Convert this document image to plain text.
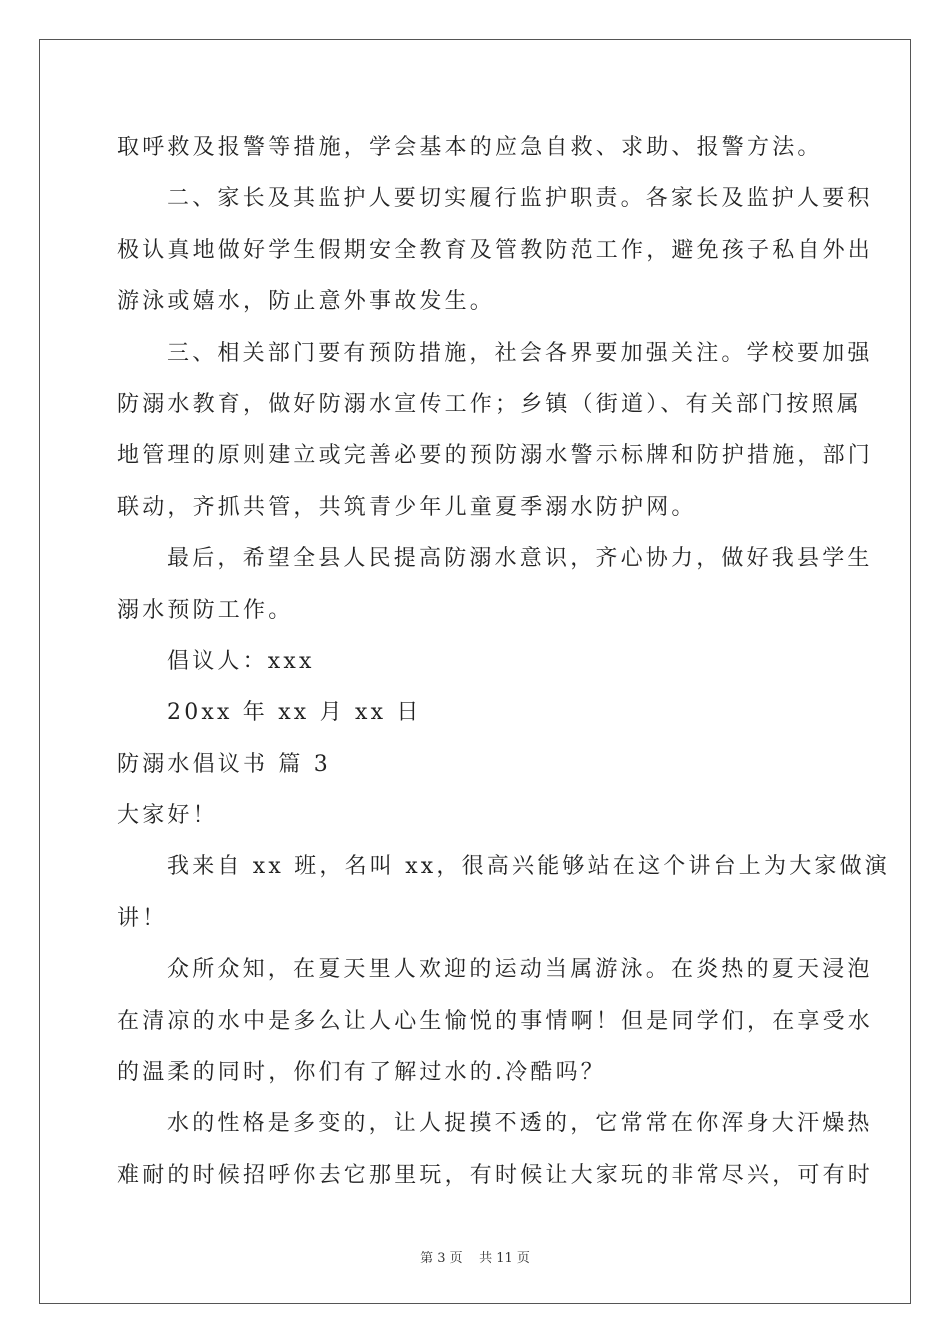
取呼救及报警等措施，学会基本的应急自救、求助、报警方法。
二、家长及其监护人要切实履行监护职责。各家长及监护人要积
极认真地做好学生假期安全教育及管教防范工作，避免孩子私自外出
游泳或嬉水，防止意外事故发生。
三、相关部门要有预防措施，社会各界要加强关注。学校要加强
防溺水教育，做好防溺水宣传工作；乡镇（街道）、有关部门按照属
地管理的原则建立或完善必要的预防溺水警示标牌和防护措施，部门
联动，齐抓共管，共筑青少年儿童夏季溺水防护网。
最后，希望全县人民提高防溺水意识，齐心协力，做好我县学生
溺水预防工作。
倡议人：xxx
20xx 年 xx 月 xx 日
防溺水倡议书 篇 3
大家好！
我来自 xx 班，名叫 xx，很高兴能够站在这个讲台上为大家做演
讲！
众所众知，在夏天里人欢迎的运动当属游泳。在炎热的夏天浸泡
在清凉的水中是多么让人心生愉悦的事情啊！但是同学们，在享受水
的温柔的同时，你们有了解过水的.冷酷吗？
水的性格是多变的，让人捉摸不透的，它常常在你浑身大汗燥热
难耐的时候招呼你去它那里玩，有时候让大家玩的非常尽兴，可有时
第 3 页    共 11 页
